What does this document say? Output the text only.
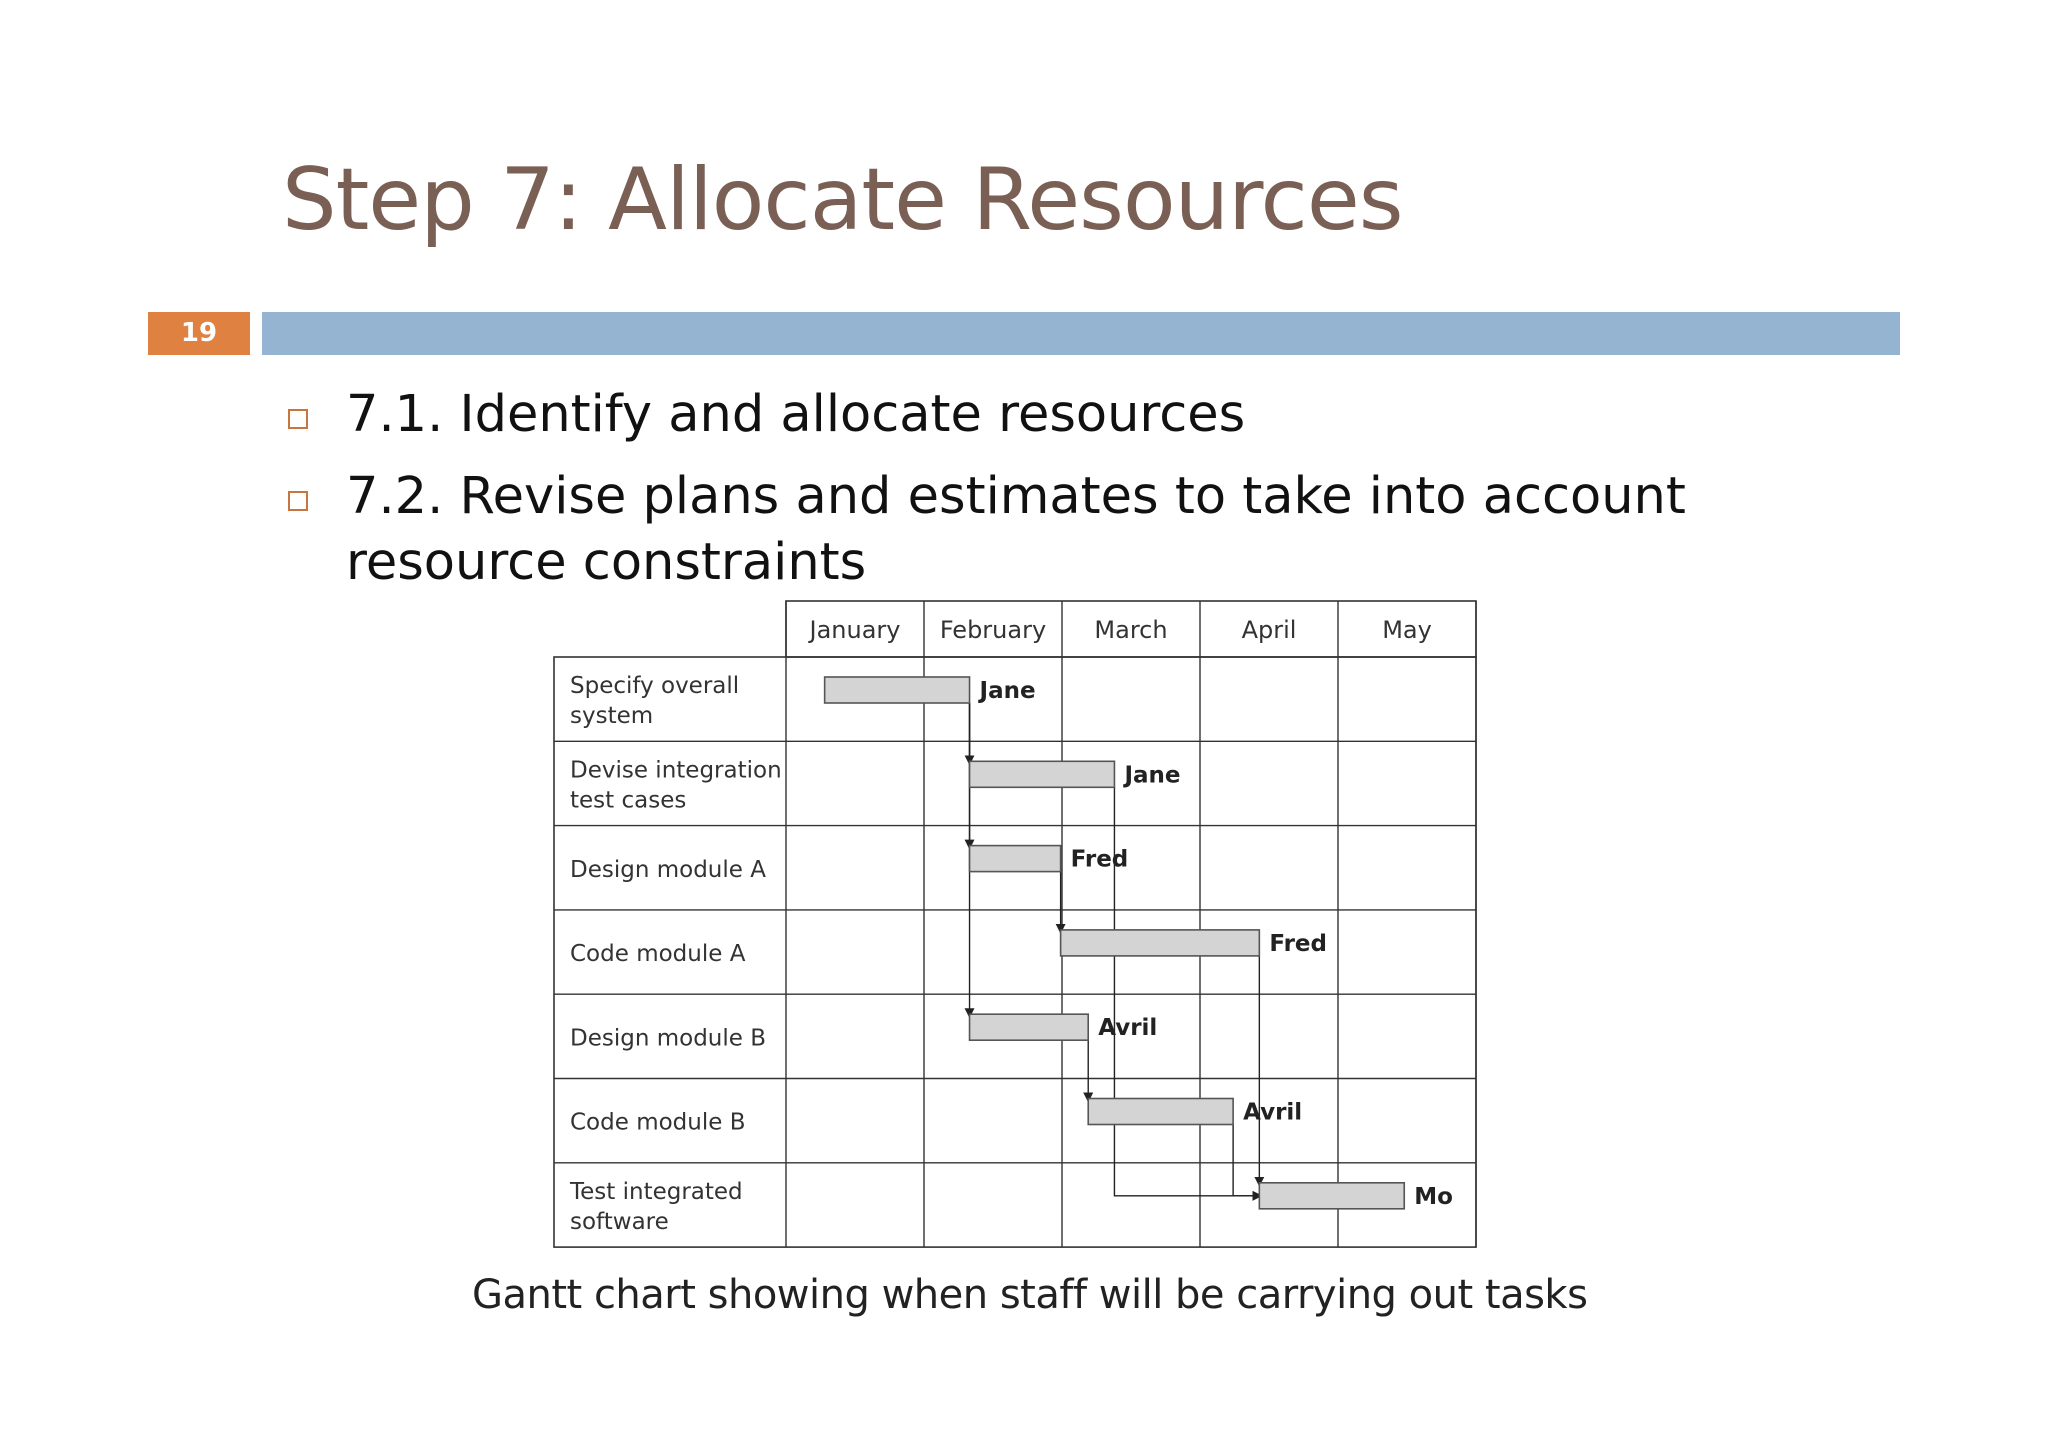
Step 7: Allocate Resources
19
7.1. Identify and allocate resources
7.2. Revise plans and estimates to take into account
resource constraints
January February March	April	May
Specify overall
system
Devise integration
test cases
Design module A
Code module A
Design module B
Code module B
Test integrated
software
Jane
Jane
Fred
Fred
Avril
Avril
Mo
Gantt chart showing when staff will be carrying out tasks
